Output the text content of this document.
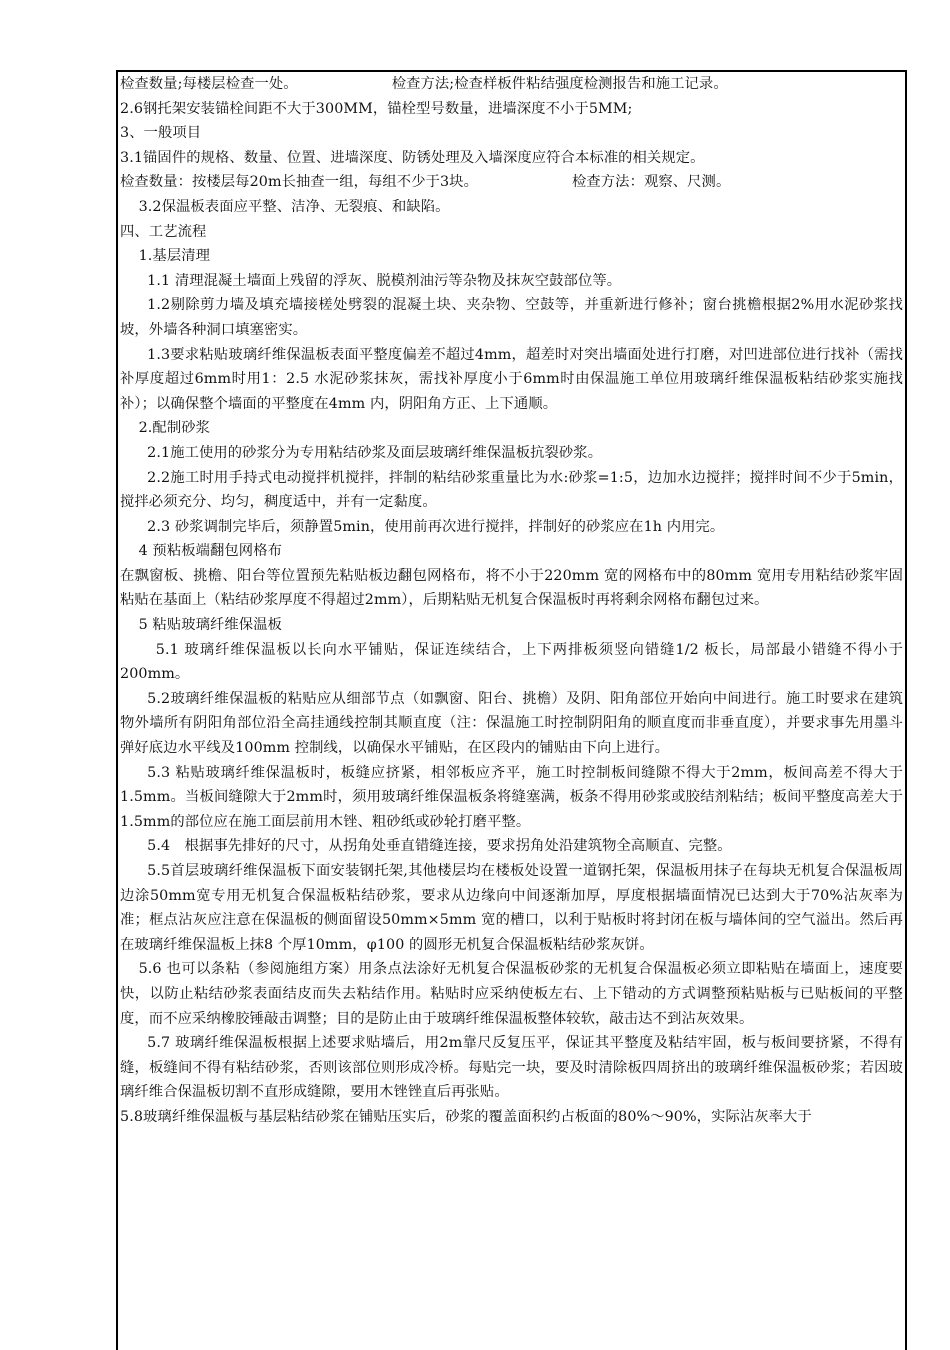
检查数量;每楼层检查一处。	检查方法;检查样板件粘结强度检测报告和施工记录。

2.6钢托架安装锚栓间距不大于300MM，锚栓型号数量，进墙深度不小于5MM;

3、一般项目

3.1锚固件的规格、数量、位置、进墙深度、防锈处理及入墙深度应符合本标准的相关规定。

检查数量：按楼层每20m长抽查一组，每组不少于3块。	检查方法：观察、尺测。

3.2保温板表面应平整、洁净、无裂痕、和缺陷。

四、工艺流程

1.基层清理

1.1 清理混凝土墙面上残留的浮灰、脱模剂油污等杂物及抹灰空鼓部位等。

1.2剔除剪力墙及填充墙接槎处劈裂的混凝土块、夹杂物、空鼓等，并重新进行修补；窗台挑檐根据2%用水泥砂浆找坡，外墙各种洞口填塞密实。

1.3要求粘贴玻璃纤维保温板表面平整度偏差不超过4mm，超差时对突出墙面处进行打磨，对凹进部位进行找补（需找补厚度超过6mm时用1：2.5 水泥砂浆抹灰，需找补厚度小于6mm时由保温施工单位用玻璃纤维保温板粘结砂浆实施找补）；以确保整个墙面的平整度在4mm 内，阴阳角方正、上下通顺。

2.配制砂浆

2.1施工使用的砂浆分为专用粘结砂浆及面层玻璃纤维保温板抗裂砂浆。

2.2施工时用手持式电动搅拌机搅拌，拌制的粘结砂浆重量比为水:砂浆=1:5，边加水边搅拌；搅拌时间不少于5min，搅拌必须充分、均匀，稠度适中，并有一定黏度。

2.3 砂浆调制完毕后，须静置5min，使用前再次进行搅拌，拌制好的砂浆应在1h 内用完。

4 预粘板端翻包网格布

在飘窗板、挑檐、阳台等位置预先粘贴板边翻包网格布，将不小于220mm 宽的网格布中的80mm 宽用专用粘结砂浆牢固粘贴在基面上（粘结砂浆厚度不得超过2mm），后期粘贴无机复合保温板时再将剩余网格布翻包过来。

5 粘贴玻璃纤维保温板

5.1 玻璃纤维保温板以长向水平铺贴，保证连续结合，上下两排板须竖向错缝1/2 板长，局部最小错缝不得小于200mm。

5.2玻璃纤维保温板的粘贴应从细部节点（如飘窗、阳台、挑檐）及阴、阳角部位开始向中间进行。施工时要求在建筑物外墙所有阴阳角部位沿全高挂通线控制其顺直度（注：保温施工时控制阴阳角的顺直度而非垂直度），并要求事先用墨斗弹好底边水平线及100mm 控制线，以确保水平铺贴，在区段内的铺贴由下向上进行。

5.3 粘贴玻璃纤维保温板时，板缝应挤紧，相邻板应齐平，施工时控制板间缝隙不得大于2mm，板间高差不得大于1.5mm。当板间缝隙大于2mm时，须用玻璃纤维保温板条将缝塞满，板条不得用砂浆或胶结剂粘结；板间平整度高差大于1.5mm的部位应在施工面层前用木锉、粗砂纸或砂轮打磨平整。

5.4　根据事先排好的尺寸，从拐角处垂直错缝连接，要求拐角处沿建筑物全高顺直、完整。

5.5首层玻璃纤维保温板下面安装钢托架,其他楼层均在楼板处设置一道钢托架，保温板用抹子在每块无机复合保温板周边涂50mm宽专用无机复合保温板粘结砂浆，要求从边缘向中间逐渐加厚，厚度根据墙面情况已达到大于70%沾灰率为准；框点沾灰应注意在保温板的侧面留设50mm×5mm 宽的槽口，以利于贴板时将封闭在板与墙体间的空气溢出。然后再在玻璃纤维保温板上抹8 个厚10mm，φ100 的圆形无机复合保温板粘结砂浆灰饼。

5.6 也可以条粘（参阅施组方案）用条点法涂好无机复合保温板砂浆的无机复合保温板必须立即粘贴在墙面上，速度要快，以防止粘结砂浆表面结皮而失去粘结作用。粘贴时应采纳使板左右、上下错动的方式调整预粘贴板与已贴板间的平整度，而不应采纳橡胶锤敲击调整；目的是防止由于玻璃纤维保温板整体较软，敲击达不到沾灰效果。

5.7 玻璃纤维保温板根据上述要求贴墙后，用2m靠尺反复压平，保证其平整度及粘结牢固，板与板间要挤紧，不得有缝，板缝间不得有粘结砂浆，否则该部位则形成冷桥。每贴完一块，要及时清除板四周挤出的玻璃纤维保温板砂浆；若因玻璃纤维合保温板切割不直形成缝隙，要用木锉锉直后再张贴。

5.8玻璃纤维保温板与基层粘结砂浆在铺贴压实后，砂浆的覆盖面积约占板面的80%～90%，实际沾灰率大于
